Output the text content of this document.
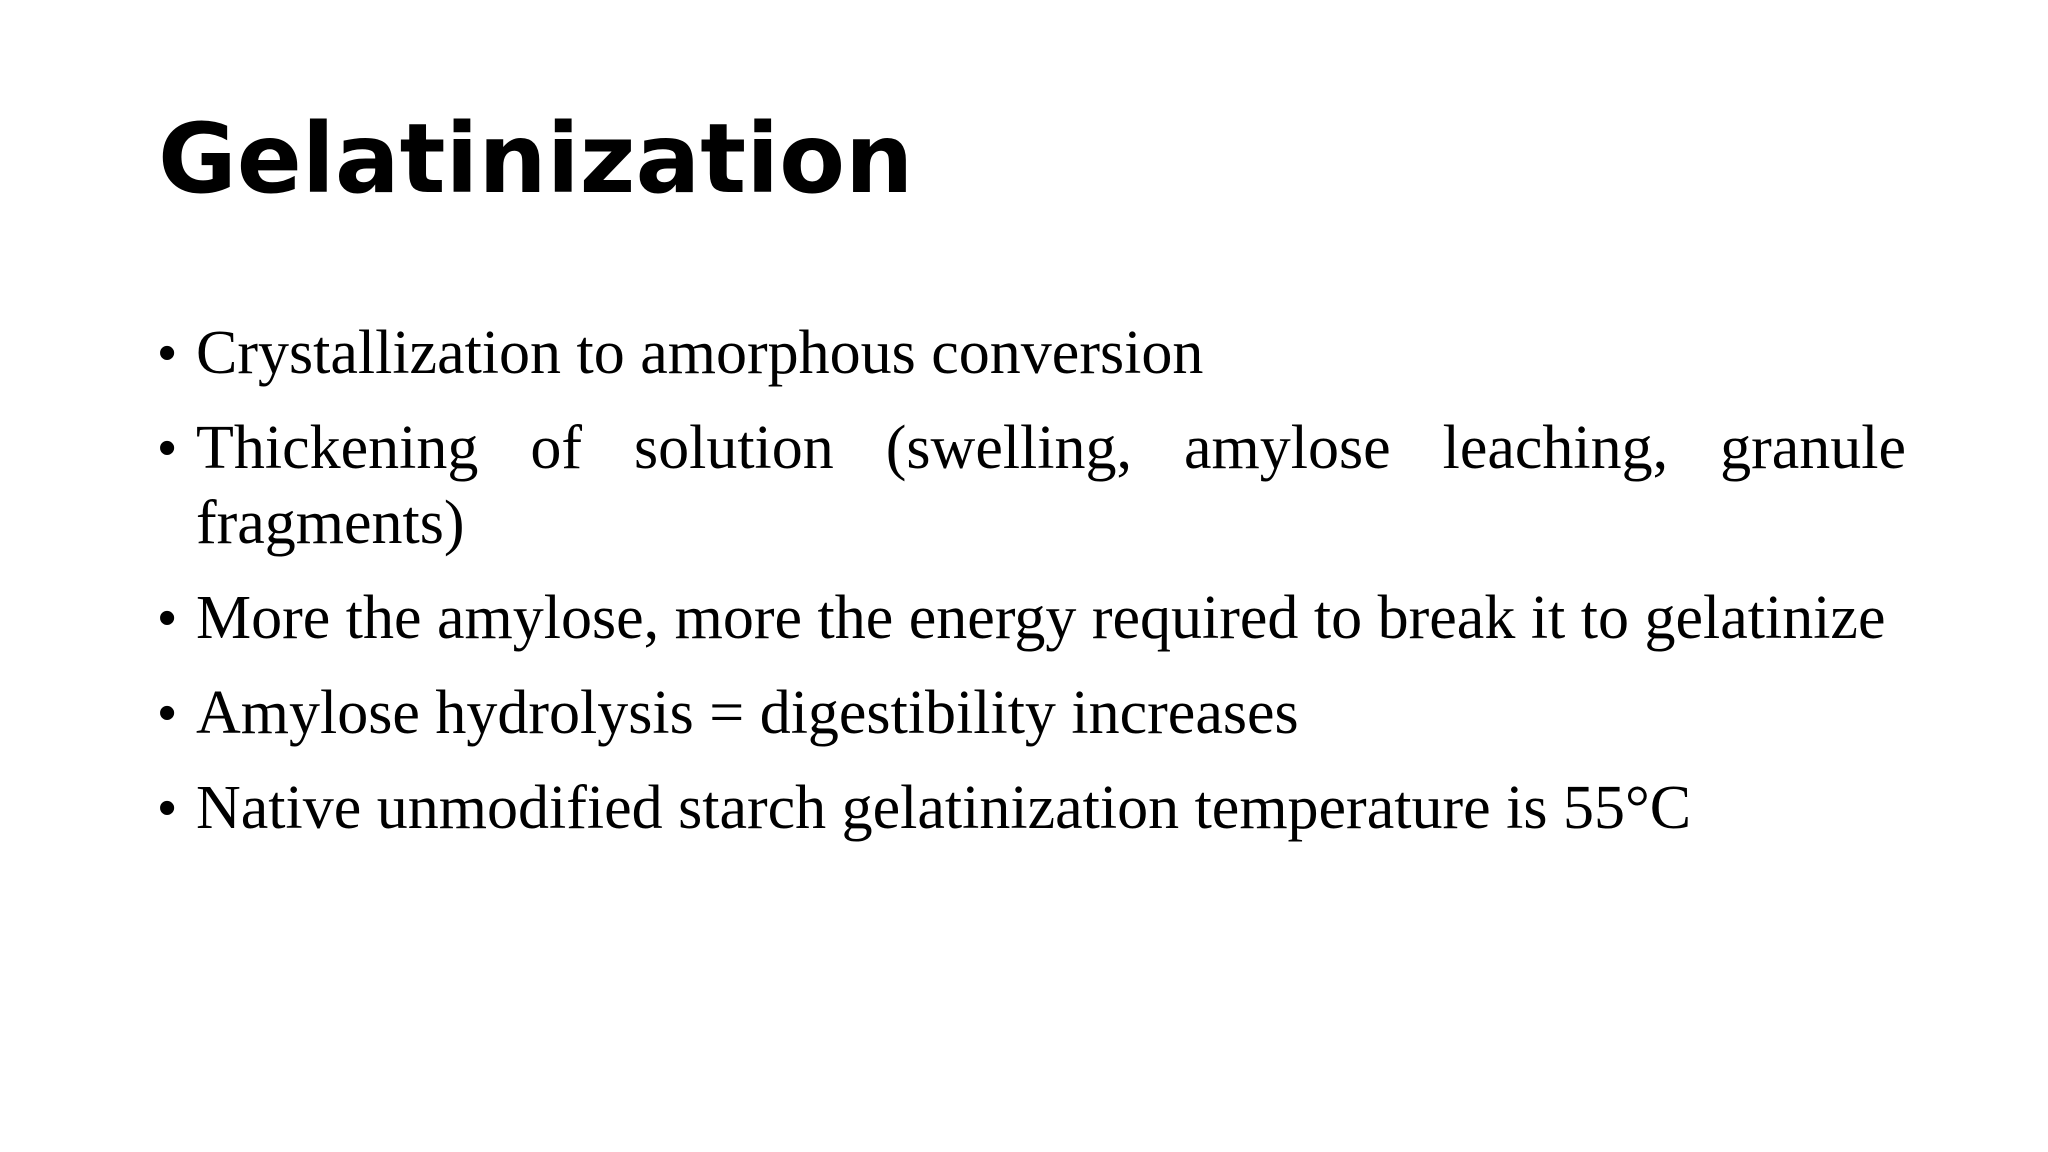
Gelatinization
• Crystallization to amorphous conversion
• Thickening of solution (swelling, amylose leaching, granule fragments)
• More the amylose, more the energy required to break it to gelatinize
• Amylose hydrolysis = digestibility increases
• Native unmodified starch gelatinization temperature is 55°C
